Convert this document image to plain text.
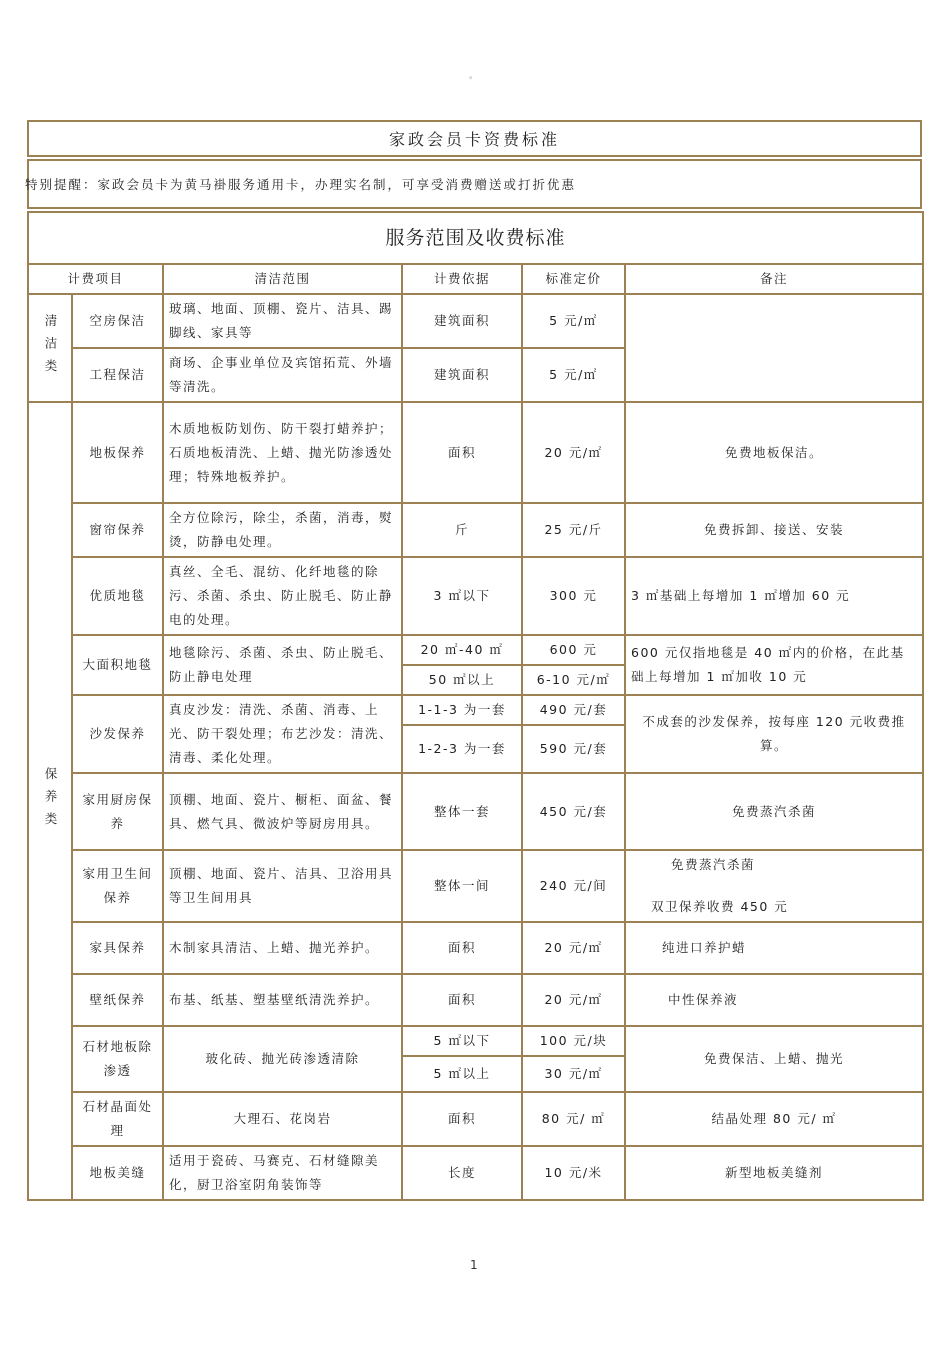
。
家政会员卡资费标准
特别提醒：家政会员卡为黄马褂服务通用卡，办理实名制，可享受消费赠送或打折优惠
服务范围及收费标准					
计费项目		清洁范围	计费依据	标准定价	备注
清洁类	空房保洁	玻璃、地面、顶棚、瓷片、洁具、踢脚线、家具等	建筑面积	5 元/㎡	
	工程保洁	商场、企事业单位及宾馆拓荒、外墙等清洗。	建筑面积	5 元/㎡	
保养类	地板保养	木质地板防划伤、防干裂打蜡养护；石质地板清洗、上蜡、抛光防渗透处理；特殊地板养护。	面积	20 元/㎡	免费地板保洁。
	窗帘保养	全方位除污，除尘，杀菌，消毒，熨烫，防静电处理。	斤	25 元/斤	免费拆卸、接送、安装
	优质地毯	真丝、全毛、混纺、化纤地毯的除污、杀菌、杀虫、防止脱毛、防止静电的处理。	3 ㎡以下	300 元	3 ㎡基础上每增加 1 ㎡增加 60 元
	大面积地毯	地毯除污、杀菌、杀虫、防止脱毛、防止静电处理	20 ㎡-40 ㎡	600 元	600 元仅指地毯是 40 ㎡内的价格，在此基础上每增加 1 ㎡加收 10 元
			50 ㎡以上	6-10 元/㎡	
	沙发保养	真皮沙发：清洗、杀菌、消毒、上光、防干裂处理；布艺沙发：清洗、清毒、柔化处理。	1-1-3 为一套	490 元/套	不成套的沙发保养，按每座 120 元收费推算。
			1-2-3 为一套	590 元/套	
	家用厨房保养	顶棚、地面、瓷片、橱柜、面盆、餐具、燃气具、微波炉等厨房用具。	整体一套	450 元/套	免费蒸汽杀菌
	家用卫生间保养	顶棚、地面、瓷片、洁具、卫浴用具等卫生间用具	整体一间	240 元/间	免费蒸汽杀菌
双卫保养收费 450 元

	家具保养	木制家具清洁、上蜡、抛光养护。	面积	20 元/㎡	纯进口养护蜡
	壁纸保养	布基、纸基、塑基壁纸清洗养护。	面积	20 元/㎡	中性保养液
	石材地板除渗透	玻化砖、抛光砖渗透清除	5 ㎡以下	100 元/块	免费保洁、上蜡、抛光
			5 ㎡以上	30 元/㎡	
	石材晶面处理	大理石、花岗岩	面积	80 元/ ㎡	结晶处理 80 元/ ㎡
	地板美缝	适用于瓷砖、马赛克、石材缝隙美化，厨卫浴室阴角装饰等	长度	10 元/米	新型地板美缝剂
1
